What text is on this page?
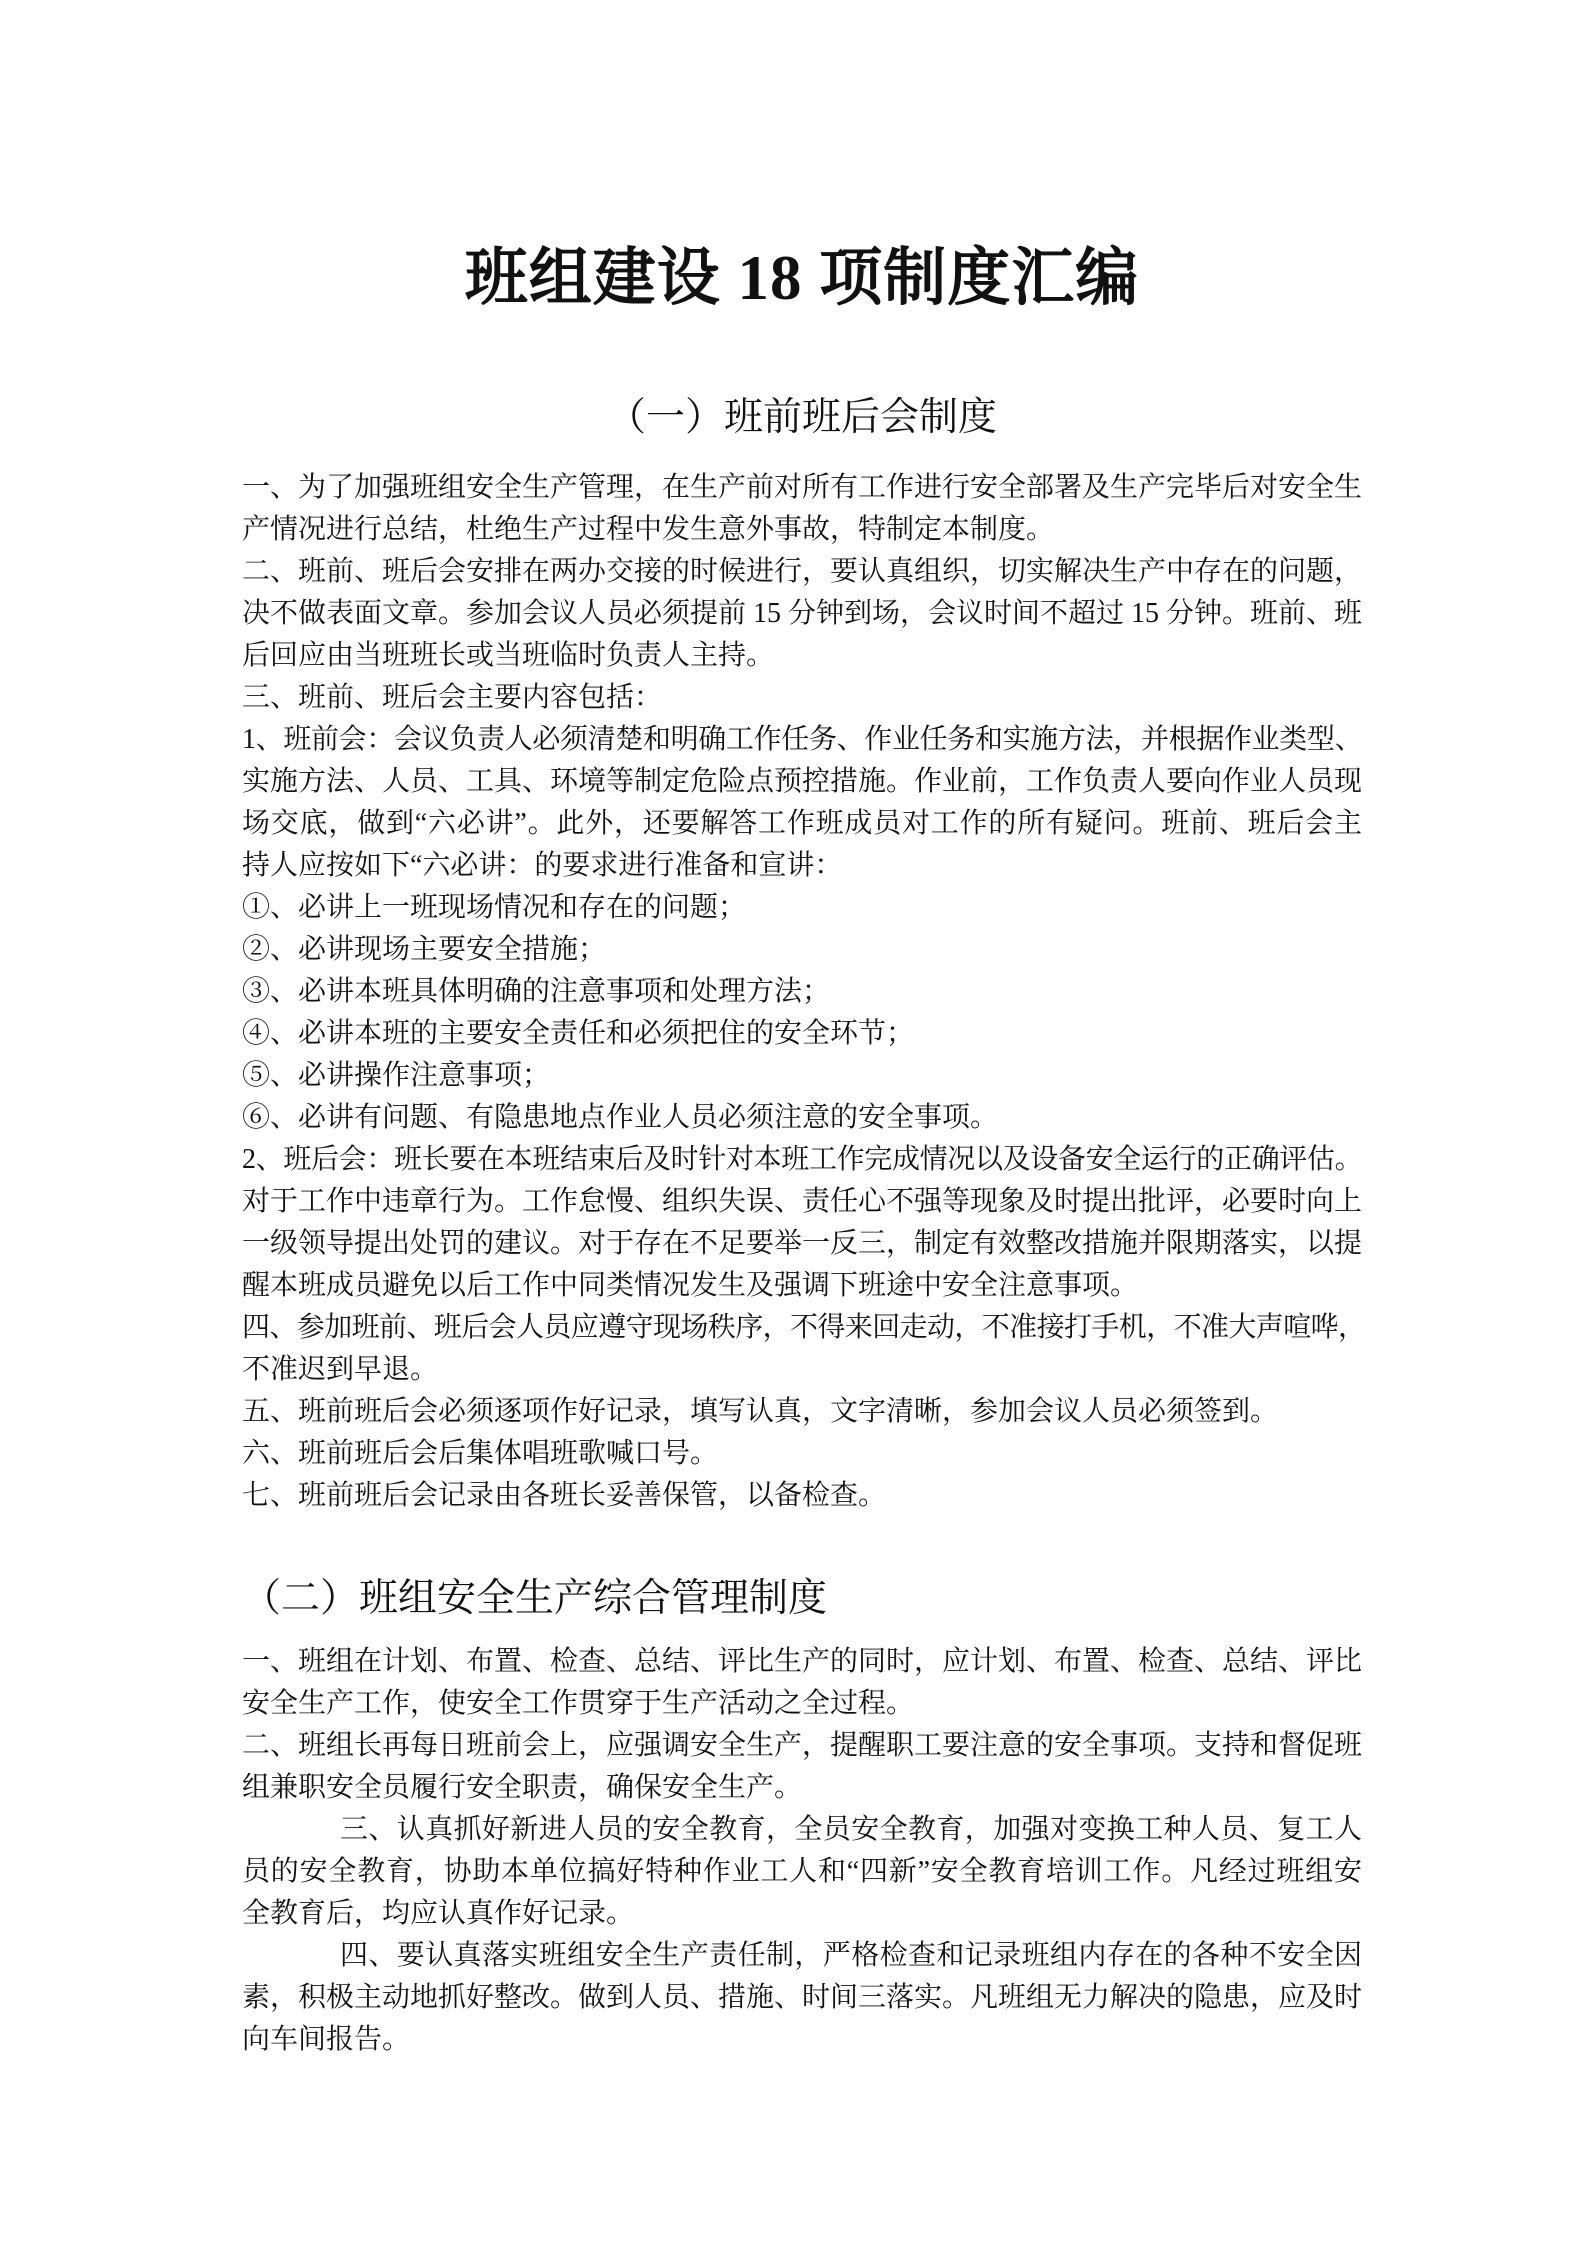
班组建设 18 项制度汇编
（一）班前班后会制度
一、为了加强班组安全生产管理，在生产前对所有工作进行安全部署及生产完毕后对安全生
产情况进行总结，杜绝生产过程中发生意外事故，特制定本制度。
二、班前、班后会安排在两办交接的时候进行，要认真组织，切实解决生产中存在的问题，
决不做表面文章。参加会议人员必须提前 15 分钟到场，会议时间不超过 15 分钟。班前、班
后回应由当班班长或当班临时负责人主持。
三、班前、班后会主要内容包括：
1、班前会：会议负责人必须清楚和明确工作任务、作业任务和实施方法，并根据作业类型、
实施方法、人员、工具、环境等制定危险点预控措施。作业前，工作负责人要向作业人员现
场交底，做到“六必讲”。此外，还要解答工作班成员对工作的所有疑问。班前、班后会主
持人应按如下“六必讲：的要求进行准备和宣讲：
①、必讲上一班现场情况和存在的问题；
②、必讲现场主要安全措施；
③、必讲本班具体明确的注意事项和处理方法；
④、必讲本班的主要安全责任和必须把住的安全环节；
⑤、必讲操作注意事项；
⑥、必讲有问题、有隐患地点作业人员必须注意的安全事项。
2、班后会：班长要在本班结束后及时针对本班工作完成情况以及设备安全运行的正确评估。
对于工作中违章行为。工作怠慢、组织失误、责任心不强等现象及时提出批评，必要时向上
一级领导提出处罚的建议。对于存在不足要举一反三，制定有效整改措施并限期落实，以提
醒本班成员避免以后工作中同类情况发生及强调下班途中安全注意事项。
四、参加班前、班后会人员应遵守现场秩序，不得来回走动，不准接打手机，不准大声喧哗，
不准迟到早退。
五、班前班后会必须逐项作好记录，填写认真，文字清晰，参加会议人员必须签到。
六、班前班后会后集体唱班歌喊口号。
七、班前班后会记录由各班长妥善保管，以备检查。
（二）班组安全生产综合管理制度
一、班组在计划、布置、检查、总结、评比生产的同时，应计划、布置、检查、总结、评比
安全生产工作，使安全工作贯穿于生产活动之全过程。
二、班组长再每日班前会上，应强调安全生产，提醒职工要注意的安全事项。支持和督促班
组兼职安全员履行安全职责，确保安全生产。
三、认真抓好新进人员的安全教育，全员安全教育，加强对变换工种人员、复工人
员的安全教育，协助本单位搞好特种作业工人和“四新”安全教育培训工作。凡经过班组安
全教育后，均应认真作好记录。
四、要认真落实班组安全生产责任制，严格检查和记录班组内存在的各种不安全因
素，积极主动地抓好整改。做到人员、措施、时间三落实。凡班组无力解决的隐患，应及时
向车间报告。
